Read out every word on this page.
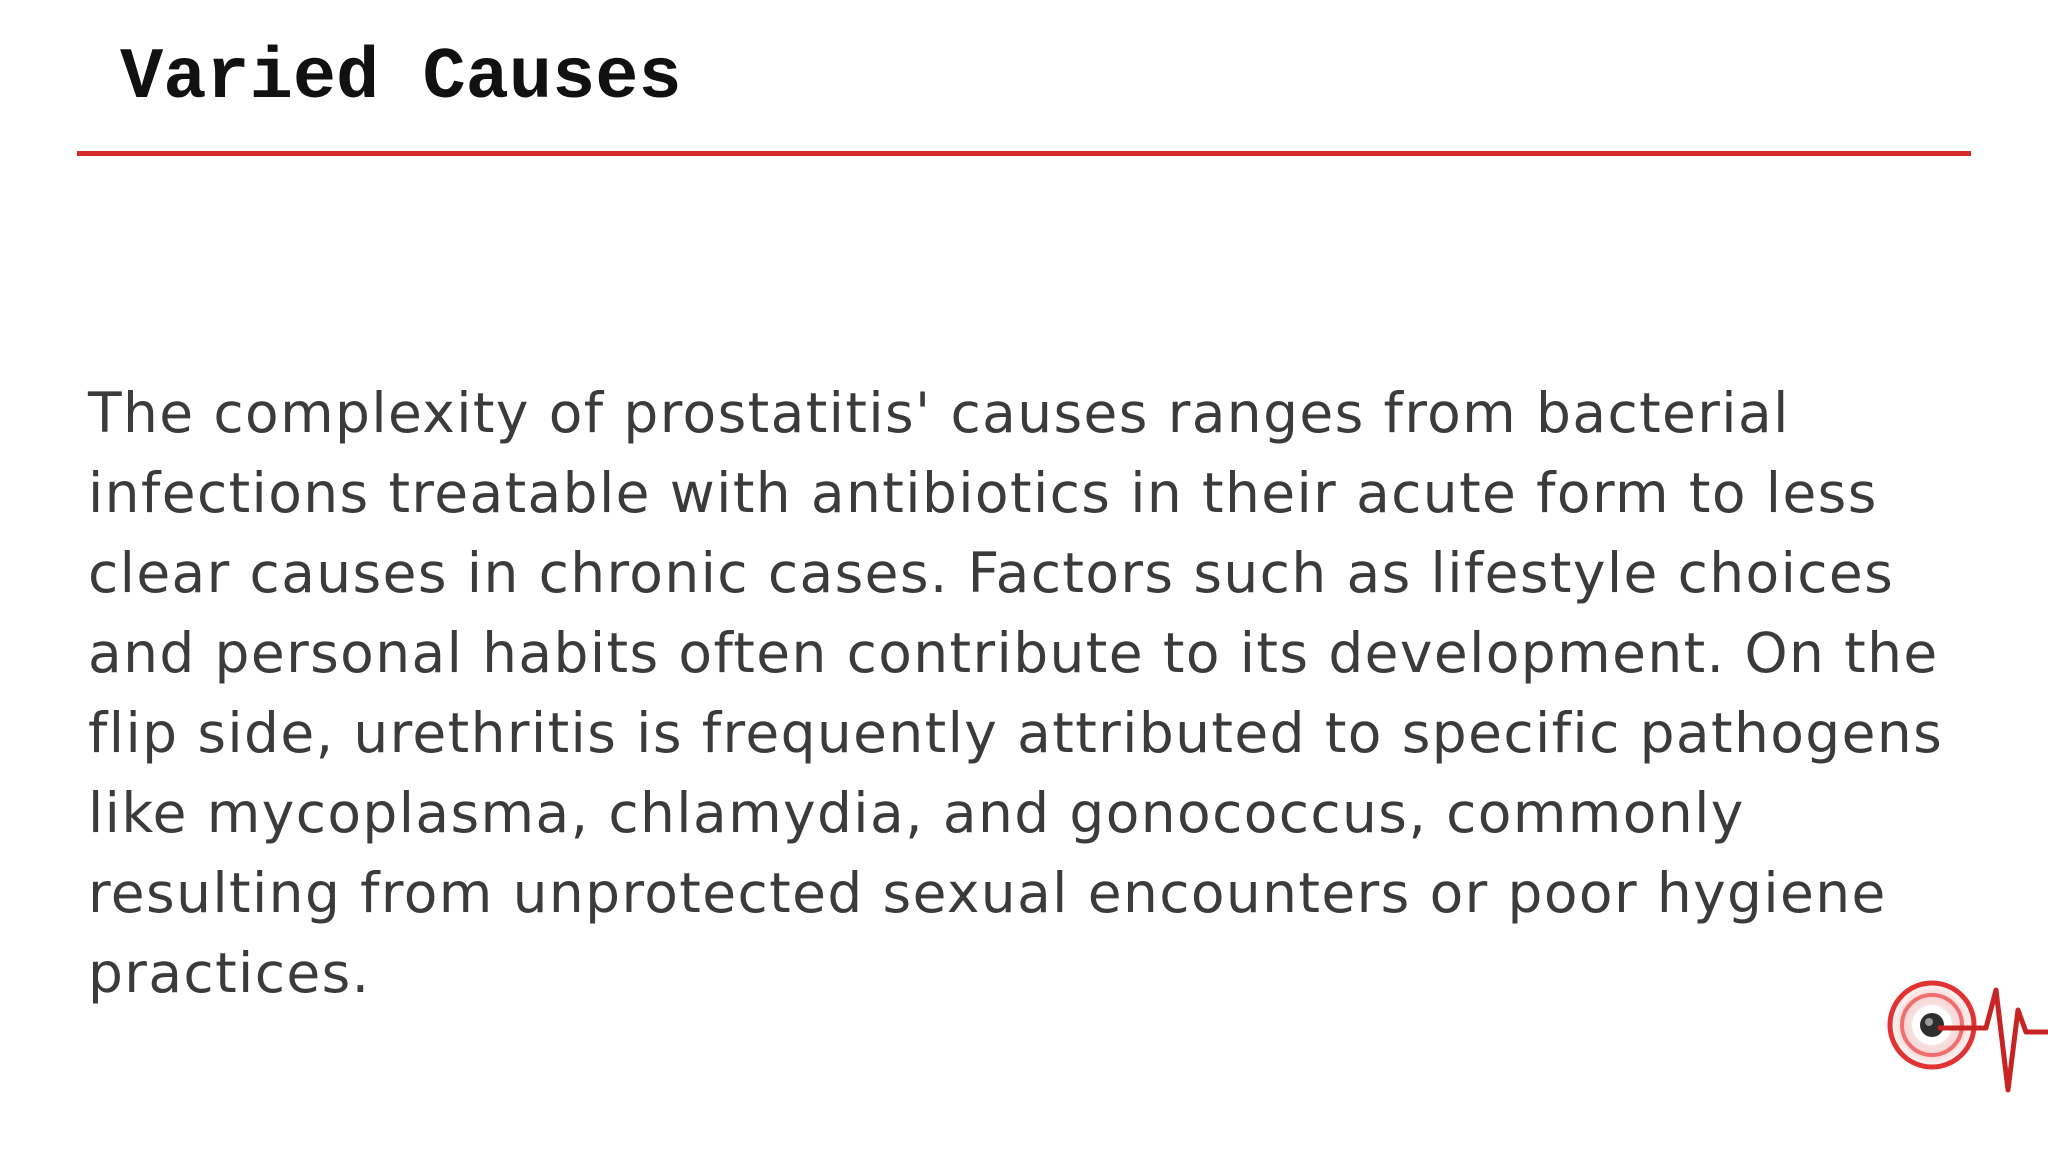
Varied Causes

The complexity of prostatitis' causes ranges from bacterial infections treatable with antibiotics in their acute form to less clear causes in chronic cases. Factors such as lifestyle choices and personal habits often contribute to its development. On the flip side, urethritis is frequently attributed to specific pathogens like mycoplasma, chlamydia, and gonococcus, commonly resulting from unprotected sexual encounters or poor hygiene practices.
